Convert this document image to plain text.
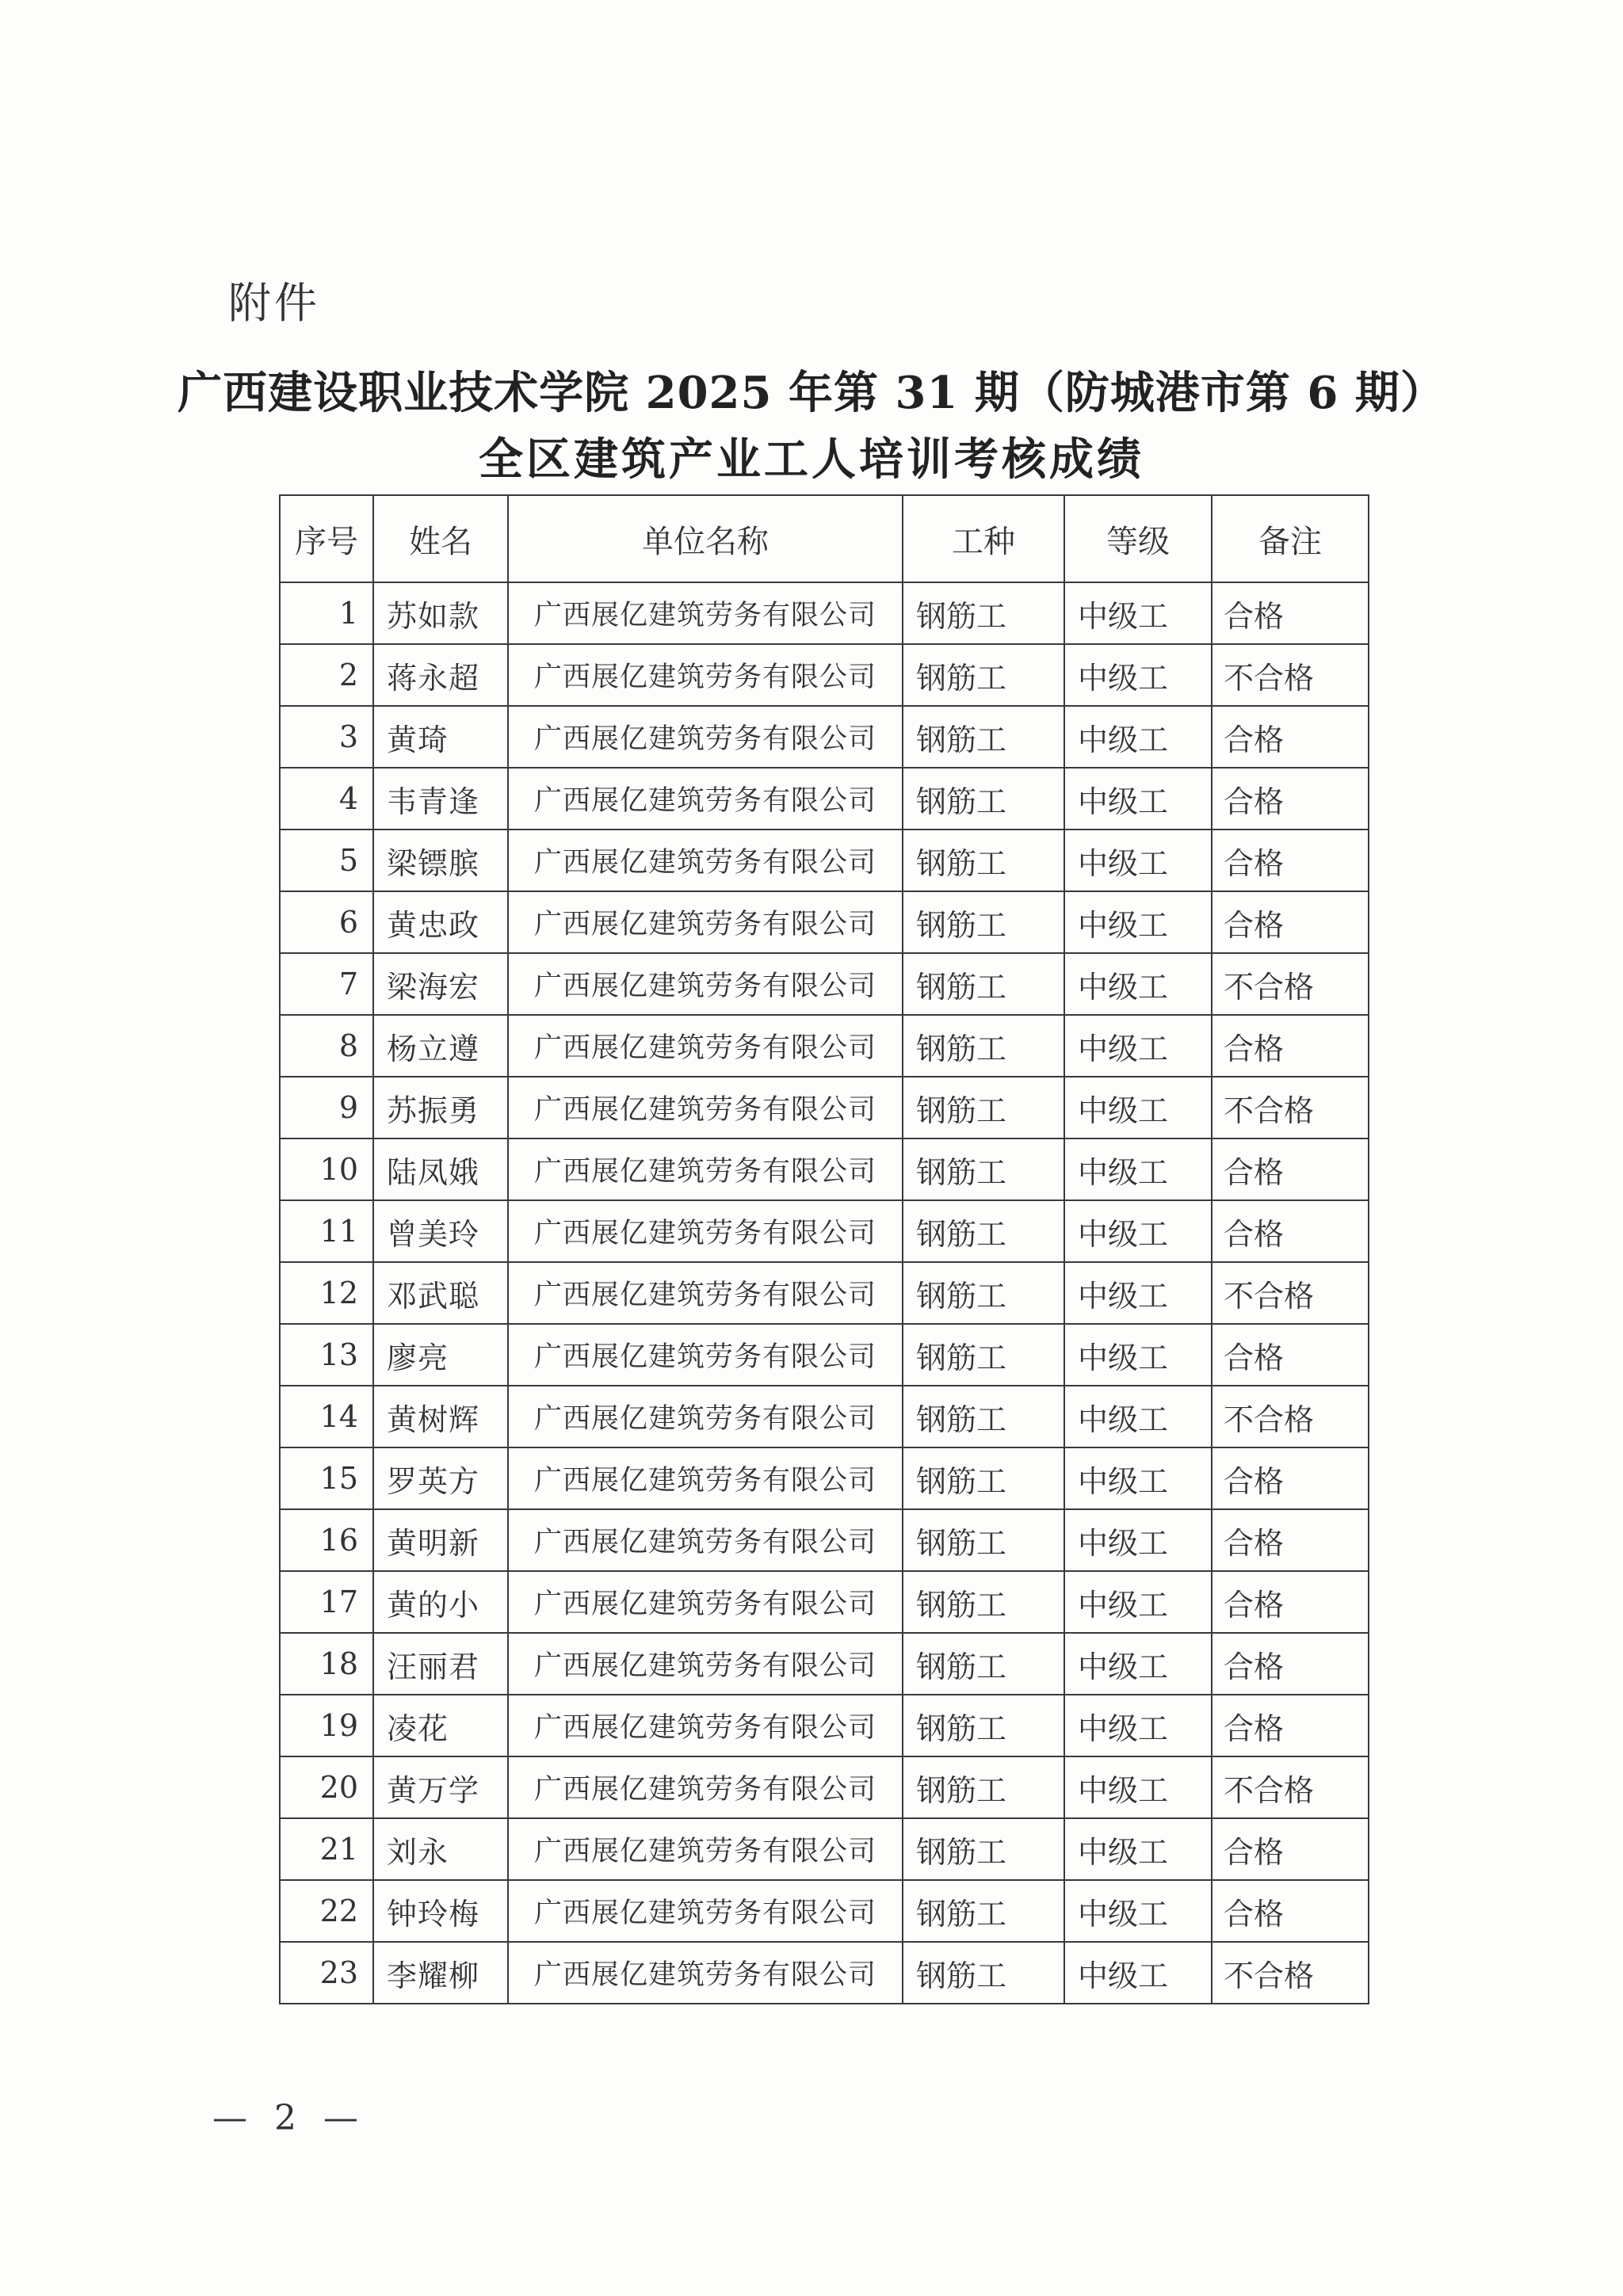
附件
广西建设职业技术学院 2025 年第 31 期（防城港市第 6 期）
全区建筑产业工人培训考核成绩
序号	姓名	单位名称	工种	等级	备注
1	苏如款	广西展亿建筑劳务有限公司	钢筋工	中级工	合格
2	蒋永超	广西展亿建筑劳务有限公司	钢筋工	中级工	不合格
3	黄琦	广西展亿建筑劳务有限公司	钢筋工	中级工	合格
4	韦青逢	广西展亿建筑劳务有限公司	钢筋工	中级工	合格
5	梁镖膑	广西展亿建筑劳务有限公司	钢筋工	中级工	合格
6	黄忠政	广西展亿建筑劳务有限公司	钢筋工	中级工	合格
7	梁海宏	广西展亿建筑劳务有限公司	钢筋工	中级工	不合格
8	杨立遵	广西展亿建筑劳务有限公司	钢筋工	中级工	合格
9	苏振勇	广西展亿建筑劳务有限公司	钢筋工	中级工	不合格
10	陆凤娥	广西展亿建筑劳务有限公司	钢筋工	中级工	合格
11	曾美玲	广西展亿建筑劳务有限公司	钢筋工	中级工	合格
12	邓武聪	广西展亿建筑劳务有限公司	钢筋工	中级工	不合格
13	廖亮	广西展亿建筑劳务有限公司	钢筋工	中级工	合格
14	黄树辉	广西展亿建筑劳务有限公司	钢筋工	中级工	不合格
15	罗英方	广西展亿建筑劳务有限公司	钢筋工	中级工	合格
16	黄明新	广西展亿建筑劳务有限公司	钢筋工	中级工	合格
17	黄的小	广西展亿建筑劳务有限公司	钢筋工	中级工	合格
18	汪丽君	广西展亿建筑劳务有限公司	钢筋工	中级工	合格
19	凌花	广西展亿建筑劳务有限公司	钢筋工	中级工	合格
20	黄万学	广西展亿建筑劳务有限公司	钢筋工	中级工	不合格
21	刘永	广西展亿建筑劳务有限公司	钢筋工	中级工	合格
22	钟玲梅	广西展亿建筑劳务有限公司	钢筋工	中级工	合格
23	李耀柳	广西展亿建筑劳务有限公司	钢筋工	中级工	不合格
— 2 —
